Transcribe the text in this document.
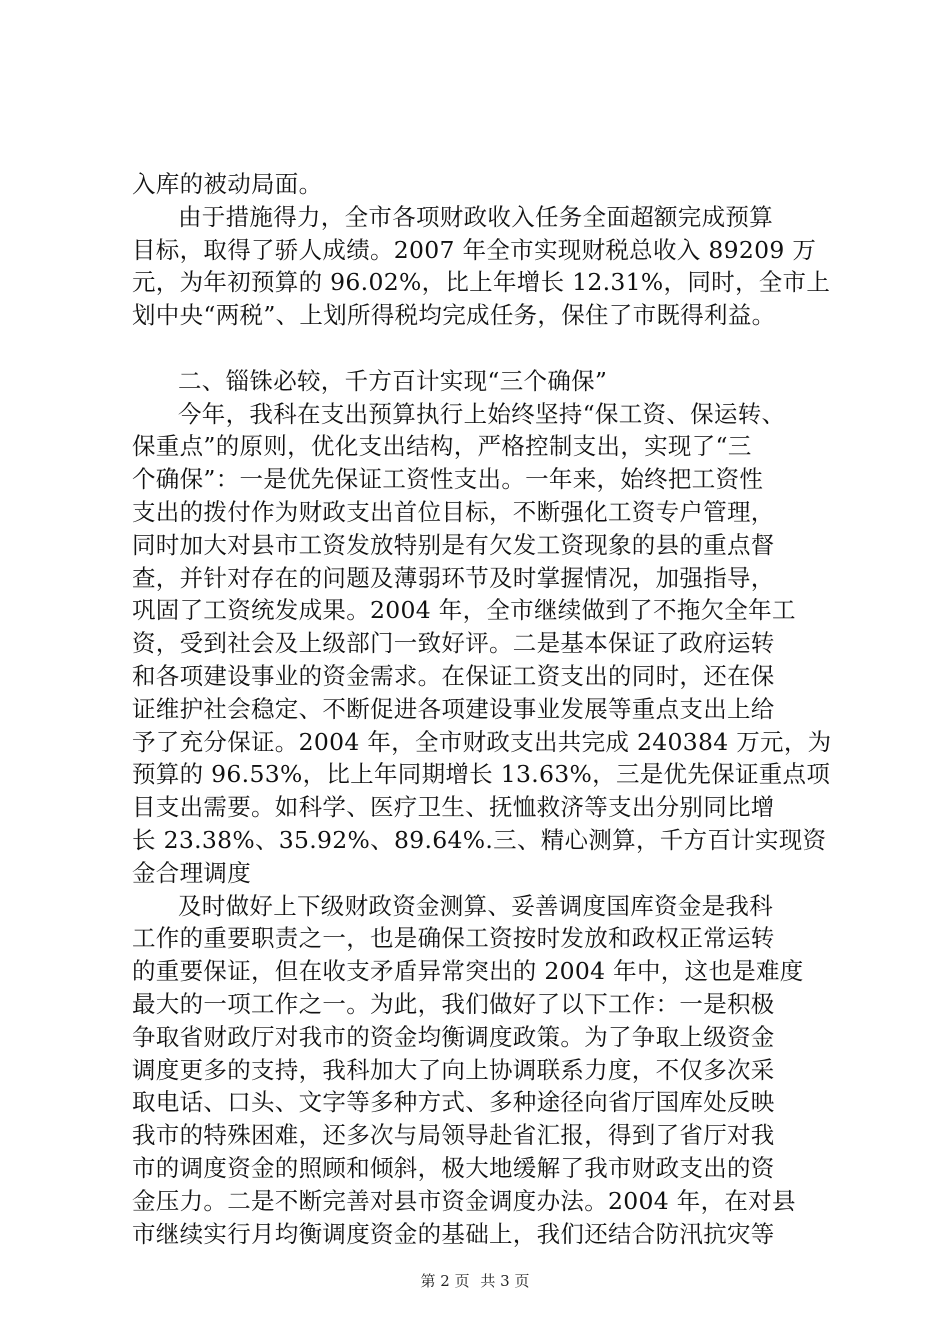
入库的被动局面。
由于措施得力，全市各项财政收入任务全面超额完成预算
目标，取得了骄人成绩。2007 年全市实现财税总收入 89209 万
元，为年初预算的 96.02%，比上年增长 12.31%，同时，全市上
划中央“两税”、上划所得税均完成任务，保住了市既得利益。
二、锱铢必较，千方百计实现“三个确保”
今年，我科在支出预算执行上始终坚持“保工资、保运转、
保重点”的原则，优化支出结构，严格控制支出，实现了“三
个确保”：一是优先保证工资性支出。一年来，始终把工资性
支出的拨付作为财政支出首位目标，不断强化工资专户管理，
同时加大对县市工资发放特别是有欠发工资现象的县的重点督
查，并针对存在的问题及薄弱环节及时掌握情况，加强指导，
巩固了工资统发成果。2004 年，全市继续做到了不拖欠全年工
资，受到社会及上级部门一致好评。二是基本保证了政府运转
和各项建设事业的资金需求。在保证工资支出的同时，还在保
证维护社会稳定、不断促进各项建设事业发展等重点支出上给
予了充分保证。2004 年，全市财政支出共完成 240384 万元，为
预算的 96.53%，比上年同期增长 13.63%，三是优先保证重点项
目支出需要。如科学、医疗卫生、抚恤救济等支出分别同比增
长 23.38%、35.92%、89.64%.三、精心测算，千方百计实现资
金合理调度
及时做好上下级财政资金测算、妥善调度国库资金是我科
工作的重要职责之一，也是确保工资按时发放和政权正常运转
的重要保证，但在收支矛盾异常突出的 2004 年中，这也是难度
最大的一项工作之一。为此，我们做好了以下工作：一是积极
争取省财政厅对我市的资金均衡调度政策。为了争取上级资金
调度更多的支持，我科加大了向上协调联系力度，不仅多次采
取电话、口头、文字等多种方式、多种途径向省厅国库处反映
我市的特殊困难，还多次与局领导赴省汇报，得到了省厅对我
市的调度资金的照顾和倾斜，极大地缓解了我市财政支出的资
金压力。二是不断完善对县市资金调度办法。2004 年，在对县
市继续实行月均衡调度资金的基础上，我们还结合防汛抗灾等
第 2 页 共 3 页
